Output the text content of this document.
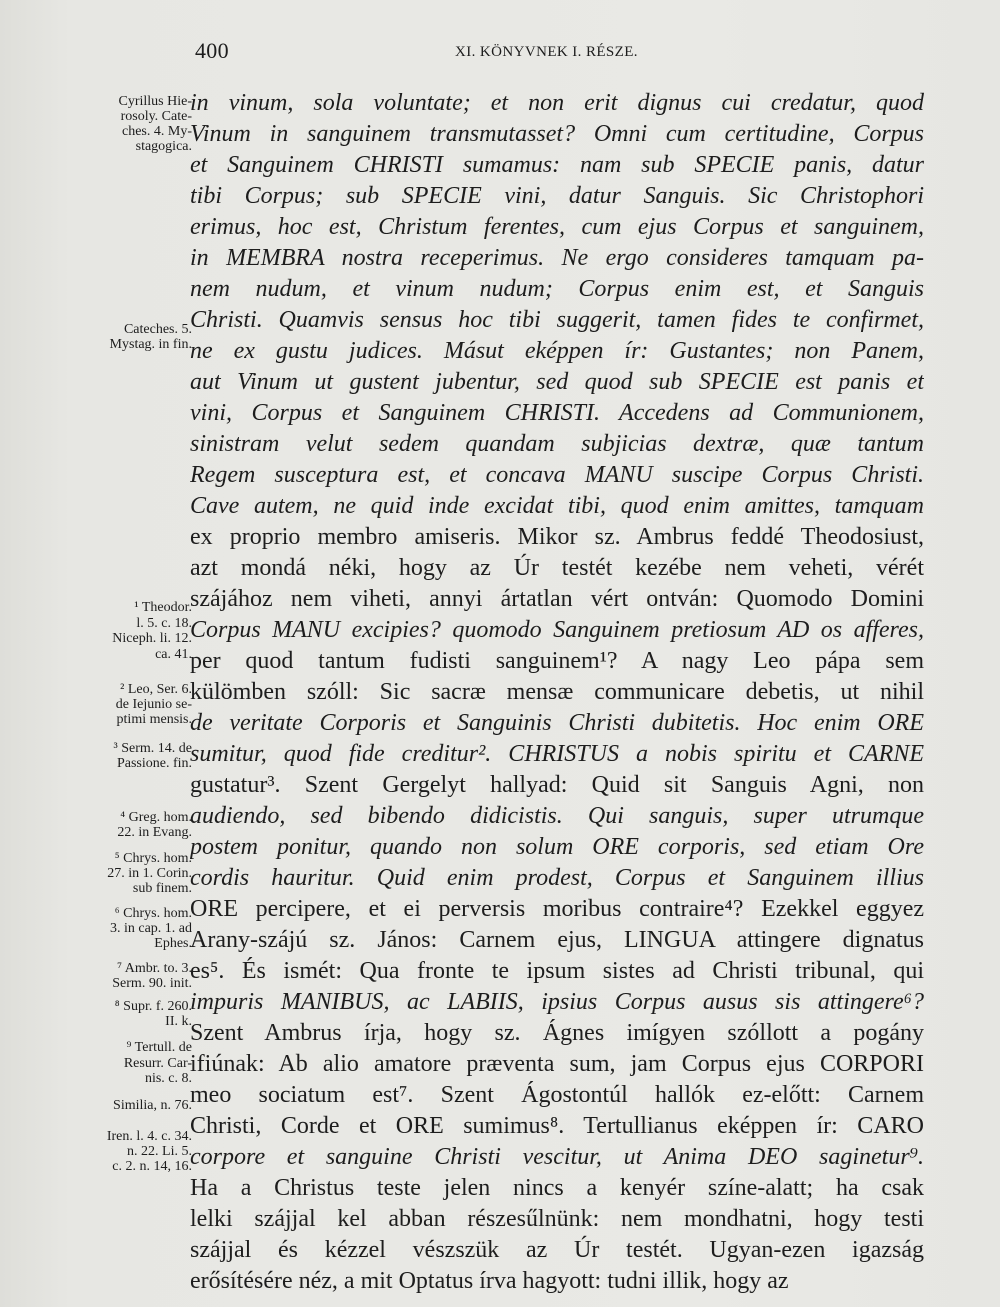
400	XI. KÖNYVNEK I. RÉSZE.
Cyrillus Hie-
rosoly. Cate-
ches. 4. My-
stagogica.
Cateches. 5.
Mystag. in fin.
¹ Theodor.
l. 5. c. 18.
Niceph. li. 12.
ca. 41.
² Leo, Ser. 6.
de Iejunio se-
ptimi mensis.
³ Serm. 14. de
Passione. fin.
⁴ Greg. hom.
22. in Evang.
⁵ Chrys. hom.
27. in 1. Corin.
sub finem.
⁶ Chrys. hom.
3. in cap. 1. ad
Ephes.
⁷ Ambr. to. 3.
Serm. 90. init.
⁸ Supr. f. 260.
II. k.
⁹ Tertull. de
Resurr. Car-
nis. c. 8.
Similia, n. 76.
Iren. l. 4. c. 34.
n. 22. Li. 5.
c. 2. n. 14, 16.
in vinum, sola voluntate; et non erit dignus cui credatur, quod
Vinum in sanguinem transmutasset? Omni cum certitudine, Corpus
et Sanguinem CHRISTI sumamus: nam sub SPECIE panis, datur
tibi Corpus; sub SPECIE vini, datur Sanguis. Sic Christophori
erimus, hoc est, Christum ferentes, cum ejus Corpus et sanguinem,
in MEMBRA nostra receperimus. Ne ergo consideres tamquam pa-
nem nudum, et vinum nudum; Corpus enim est, et Sanguis
Christi. Quamvis sensus hoc tibi suggerit, tamen fides te confirmet,
ne ex gustu judices. Másut eképpen ír: Gustantes; non Panem,
aut Vinum ut gustent jubentur, sed quod sub SPECIE est panis et
vini, Corpus et Sanguinem CHRISTI. Accedens ad Communionem,
sinistram velut sedem quandam subjicias dextræ, quæ tantum
Regem susceptura est, et concava MANU suscipe Corpus Christi.
Cave autem, ne quid inde excidat tibi, quod enim amittes, tamquam
ex proprio membro amiseris. Mikor sz. Ambrus feddé Theodosiust,
azt mondá néki, hogy az Úr testét kezébe nem veheti, vérét
szájához nem viheti, annyi ártatlan vért ontván: Quomodo Domini
Corpus MANU excipies? quomodo Sanguinem pretiosum AD os afferes,
per quod tantum fudisti sanguinem¹? A nagy Leo pápa sem
külömben szóll: Sic sacræ mensæ communicare debetis, ut nihil
de veritate Corporis et Sanguinis Christi dubitetis. Hoc enim ORE
sumitur, quod fide creditur². CHRISTUS a nobis spiritu et CARNE
gustatur³. Szent Gergelyt hallyad: Quid sit Sanguis Agni, non
audiendo, sed bibendo didicistis. Qui sanguis, super utrumque
postem ponitur, quando non solum ORE corporis, sed etiam Ore
cordis hauritur. Quid enim prodest, Corpus et Sanguinem illius
ORE percipere, et ei perversis moribus contraire⁴? Ezekkel eggyez
Arany-szájú sz. János: Carnem ejus, LINGUA attingere dignatus
es⁵. És ismét: Qua fronte te ipsum sistes ad Christi tribunal, qui
impuris MANIBUS, ac LABIIS, ipsius Corpus ausus sis attingere⁶?
Szent Ambrus írja, hogy sz. Ágnes imígyen szóllott a pogány
ifiúnak: Ab alio amatore præventa sum, jam Corpus ejus CORPORI
meo sociatum est⁷. Szent Ágostontúl hallók ez-előtt: Carnem
Christi, Corde et ORE sumimus⁸. Tertullianus eképpen ír: CARO
corpore et sanguine Christi vescitur, ut Anima DEO saginetur⁹.
Ha a Christus teste jelen nincs a kenyér színe-alatt; ha csak
lelki szájjal kel abban részesűlnünk: nem mondhatni, hogy testi
szájjal és kézzel vészszük az Úr testét. Ugyan-ezen igazság
erősítésére néz, a mit Optatus írva hagyott: tudni illik, hogy az
